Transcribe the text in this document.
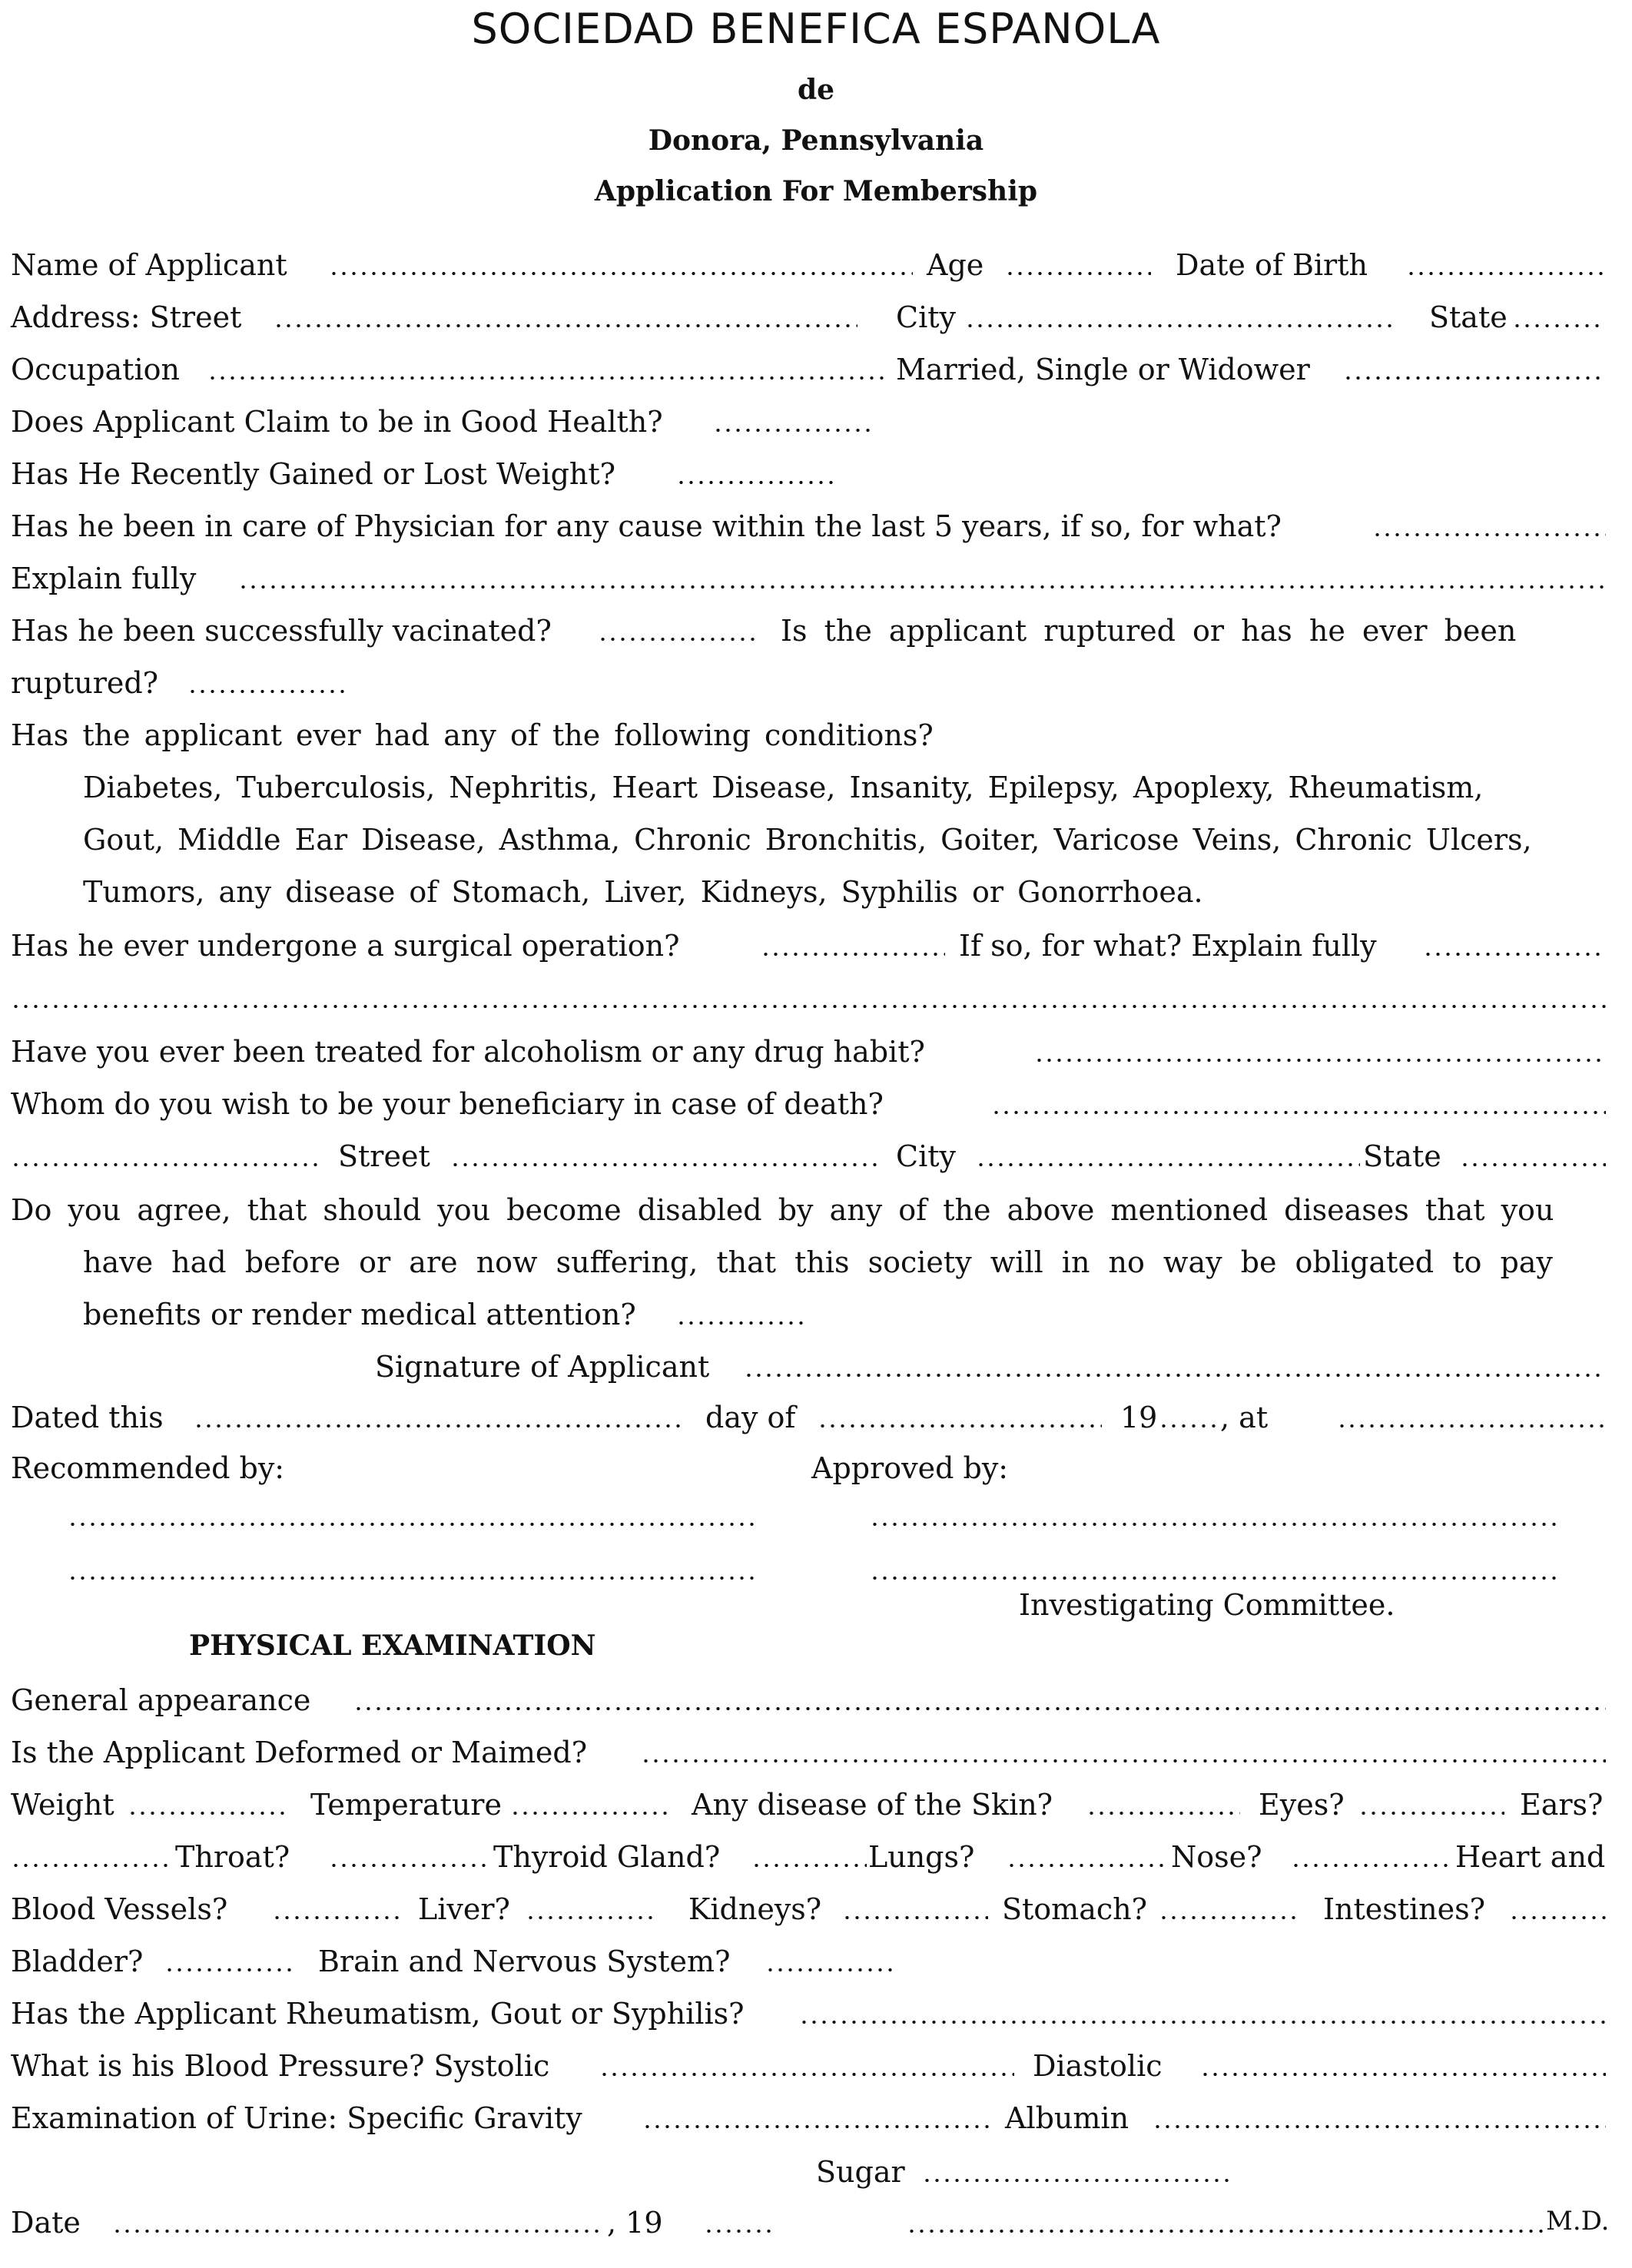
SOCIEDAD BENEFICA ESPANOLA
de
Donora, Pennsylvania
Application For Membership
Name of Applicant	Age	Date of Birth
Address: Street	City	State
Occupation	Married, Single or Widower
Does Applicant Claim to be in Good Health?
Has He Recently Gained or Lost Weight?
Has he been in care of Physician for any cause within the last 5 years, if so, for what?
Explain fully
Has he been successfully vacinated?	Is the applicant ruptured or has he ever been
ruptured?
Has the applicant ever had any of the following conditions?
Diabetes, Tuberculosis, Nephritis, Heart Disease, Insanity, Epilepsy, Apoplexy, Rheumatism,
Gout, Middle Ear Disease, Asthma, Chronic Bronchitis, Goiter, Varicose Veins, Chronic Ulcers,
Tumors, any disease of Stomach, Liver, Kidneys, Syphilis or Gonorrhoea.
Has he ever undergone a surgical operation?	If so, for what? Explain fully
Have you ever been treated for alcoholism or any drug habit?
Whom do you wish to be your beneficiary in case of death?
Street	City	State
Do you agree, that should you become disabled by any of the above mentioned diseases that you
have had before or are now suffering, that this society will in no way be obligated to pay
benefits or render medical attention?
Signature of Applicant
Dated this	day of	19 , at
Recommended by:	Approved by:
Investigating Committee.
PHYSICAL EXAMINATION
General appearance
Is the Applicant Deformed or Maimed?
Weight	Temperature	Any disease of the Skin?	Eyes?	Ears?
Throat?	Thyroid Gland?	Lungs?	Nose?	Heart and
Blood Vessels?	Liver?	Kidneys?	Stomach?	Intestines?
Bladder?	Brain and Nervous System?
Has the Applicant Rheumatism, Gout or Syphilis?
What is his Blood Pressure? Systolic	Diastolic
Examination of Urine: Specific Gravity	Albumin
Sugar
Date	, 19	M.D.
